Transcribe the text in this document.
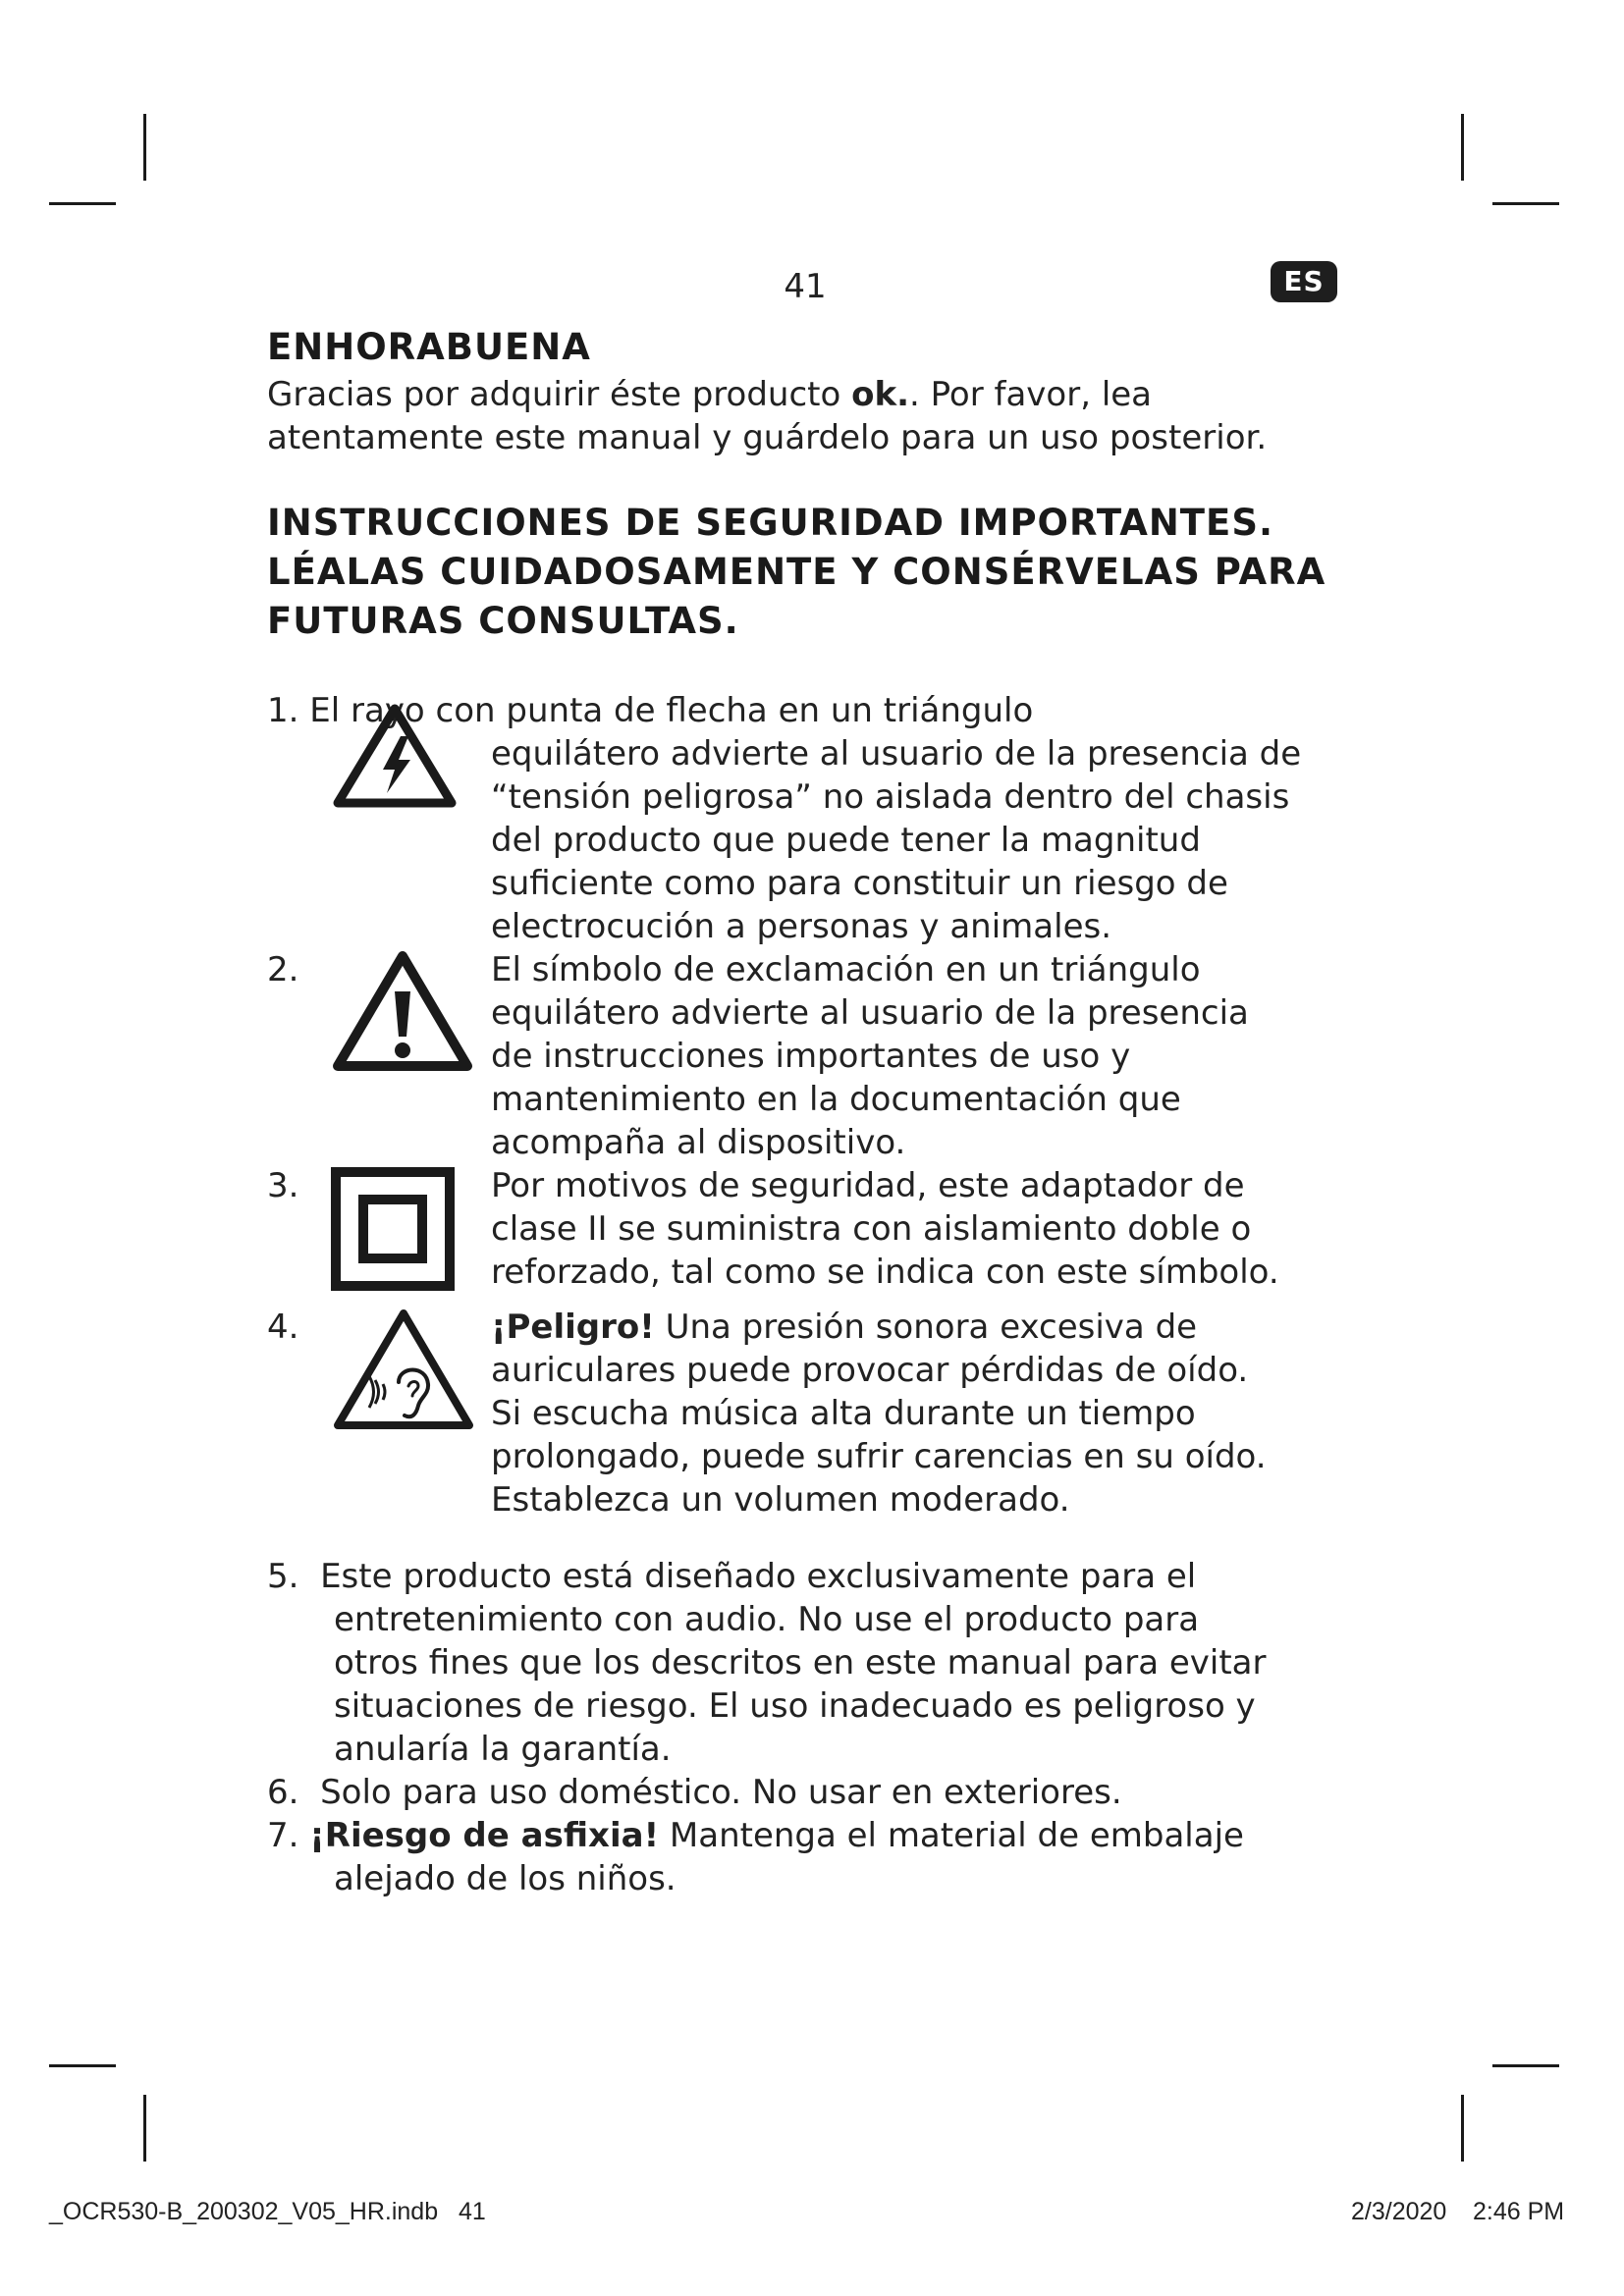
41	ES
ENHORABUENA
Gracias por adquirir éste producto ok.. Por favor, lea
atentamente este manual y guárdelo para un uso posterior.
INSTRUCCIONES DE SEGURIDAD IMPORTANTES.
LÉALAS CUIDADOSAMENTE Y CONSÉRVELAS PARA
FUTURAS CONSULTAS.
1. El rayo con punta de flecha en un triángulo
equilátero advierte al usuario de la presencia de
“tensión peligrosa” no aislada dentro del chasis
del producto que puede tener la magnitud
suficiente como para constituir un riesgo de
electrocución a personas y animales.
2.	El símbolo de exclamación en un triángulo
equilátero advierte al usuario de la presencia
de instrucciones importantes de uso y
mantenimiento en la documentación que
acompaña al dispositivo.
3.	Por motivos de seguridad, este adaptador de
clase II se suministra con aislamiento doble o
reforzado, tal como se indica con este símbolo.
4.	¡Peligro! Una presión sonora excesiva de
auriculares puede provocar pérdidas de oído.
Si escucha música alta durante un tiempo
prolongado, puede sufrir carencias en su oído.
Establezca un volumen moderado.
5. Este producto está diseñado exclusivamente para el
entretenimiento con audio. No use el producto para
otros fines que los descritos en este manual para evitar
situaciones de riesgo. El uso inadecuado es peligroso y
anularía la garantía.
6. Solo para uso doméstico. No usar en exteriores.
7. ¡Riesgo de asfixia! Mantenga el material de embalaje
alejado de los niños.
_OCR530-B_200302_V05_HR.indb   41	2/3/2020 2:46 PM
